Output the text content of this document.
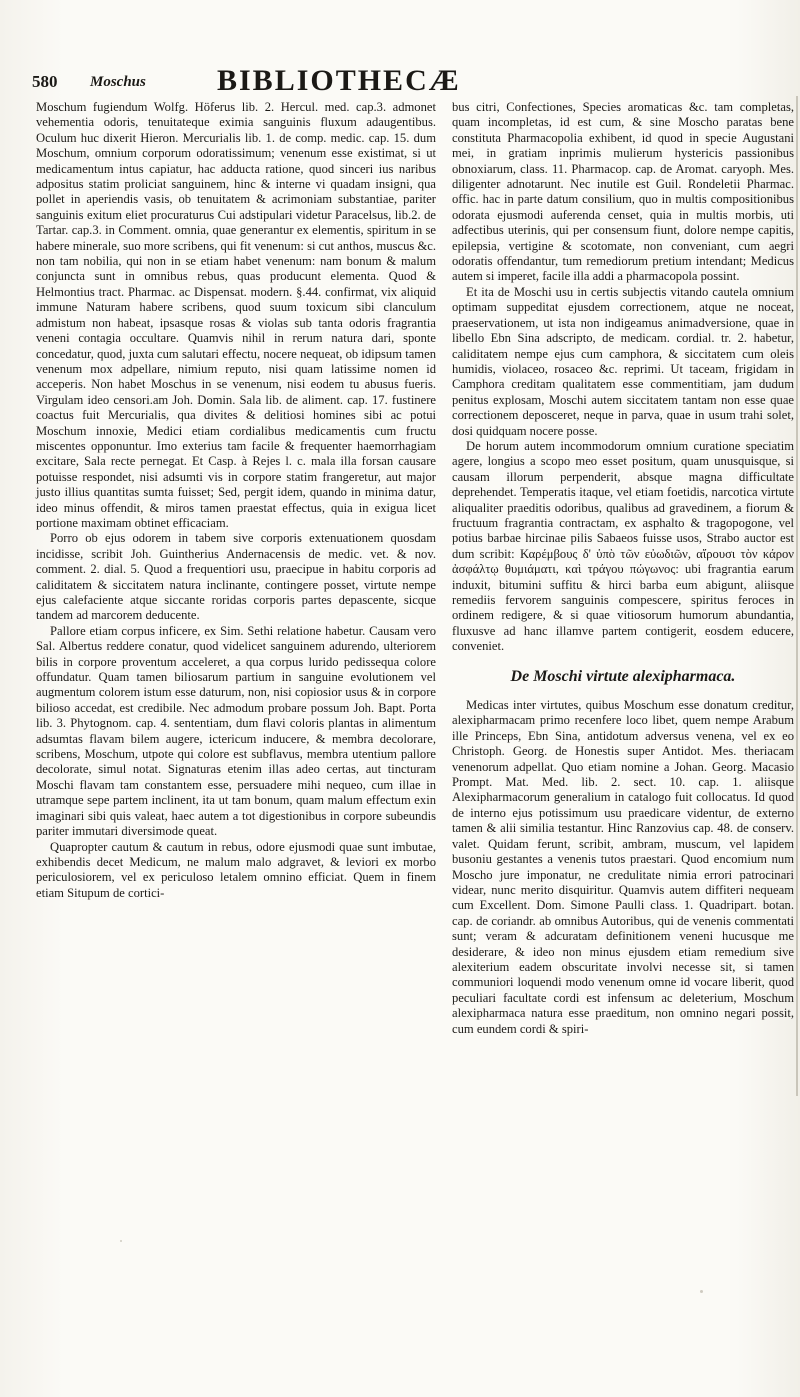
580 Moschus BIBLIOTHECÆ

Moschum fugiendum Wolfg. Höferus lib. 2. Hercul. med. cap.3. admonet vehementia odoris, tenuitateque eximia sanguinis fluxum adaugentibus. Oculum huc dixerit Hieron. Mercurialis lib. 1. de comp. medic. cap. 15. dum Moschum, omnium corporum odoratissimum; venenum esse existimat, si ut medicamentum intus capiatur, hac adducta ratione, quod sinceri ius naribus adpositus statim proliciat sanguinem, hinc & interne vi quadam insigni, qua pollet in aperiendis vasis, ob tenuitatem & acrimoniam substantiae, pariter sanguinis exitum eliet procuraturus Cui adstipulari videtur Paracelsus, lib.2. de Tartar. cap.3. in Comment. omnia, quae generantur ex elementis, spiritum in se habere minerale, suo more scribens, qui fit venenum: si cut anthos, muscus &c. non tam nobilia, qui non in se etiam habet venenum: nam bonum & malum conjuncta sunt in omnibus rebus, quas producunt elementa. Quod & Helmontius tract. Pharmac. ac Dispensat. modern. §.44. confirmat, vix aliquid immune Naturam habere scribens, quod suum toxicum sibi clanculum admistum non habeat, ipsasque rosas & violas sub tanta odoris fragrantia veneni contagia occultare. Quamvis nihil in rerum natura dari, sponte concedatur, quod, juxta cum salutari effectu, nocere nequeat, ob idipsum tamen venenum mox adpellare, nimium reputo, nisi quam latissime nomen id acceperis. Non habet Moschus in se venenum, nisi eodem tu abusus fueris. Virgulam ideo censori.am Joh. Domin. Sala lib. de aliment. cap. 17. fustinere coactus fuit Mercurialis, qua divites & delitiosi homines sibi ac potui Moschum innoxie, Medici etiam cordialibus medicamentis cum fructu miscentes opponuntur. Imo exterius tam facile & frequenter haemorrhagiam excitare, Sala recte pernegat. Et Casp. à Rejes l. c. mala illa forsan causare potuisse respondet, nisi adsumti vis in corpore statim frangeretur, aut major justo illius quantitas sumta fuisset; Sed, pergit idem, quando in minima datur, ideo minus offendit, & miros tamen praestat effectus, quia in exigua licet portione maximam obtinet efficaciam.

Porro ob ejus odorem in tabem sive corporis extenuationem quosdam incidisse, scribit Joh. Guintherius Andernacensis de medic. vet. & nov. comment. 2. dial. 5. Quod a frequentiori usu, praecipue in habitu corporis ad caliditatem & siccitatem natura inclinante, contingere posset, virtute nempe ejus calefaciente atque siccante roridas corporis partes depascente, sicque tandem ad marcorem deducente.

Pallore etiam corpus inficere, ex Sim. Sethi relatione habetur. Causam vero Sal. Albertus reddere conatur, quod videlicet sanguinem adurendo, ulteriorem bilis in corpore proventum acceleret, a qua corpus lurido pedissequa colore offundatur. Quam tamen biliosarum partium in sanguine evolutionem vel augmentum colorem istum esse daturum, non, nisi copiosior usus & in corpore bilioso accedat, est credibile. Nec admodum probare possum Joh. Bapt. Porta lib. 3. Phytognom. cap. 4. sententiam, dum flavi coloris plantas in alimentum adsumtas flavam bilem augere, ictericum inducere, & membra decolorare, scribens, Moschum, utpote qui colore est subflavus, membra utentium pallore decolorate, simul notat. Signaturas etenim illas adeo certas, aut tincturam Moschi flavam tam constantem esse, persuadere mihi nequeo, cum illae in utramque sepe partem inclinent, ita ut tam bonum, quam malum effectum exin imaginari sibi quis valeat, haec autem a tot digestionibus in corpore subeundis pariter immutari diversimode queat.

Quapropter cautum & cautum in rebus, odore ejusmodi quae sunt imbutae, exhibendis decet Medicum, ne malum malo adgravet, & leviori ex morbo periculosiorem, vel ex periculoso letalem omnino efficiat. Quem in finem etiam Situpum de cortici-

bus citri, Confectiones, Species aromaticas &c. tam completas, quam incompletas, id est cum, & sine Moscho paratas bene constituta Pharmacopolia exhibent, id quod in specie Augustani mei, in gratiam inprimis mulierum hystericis passionibus obnoxiarum, class. 11. Pharmacop. cap. de Aromat. caryoph. Mes. diligenter adnotarunt. Nec inutile est Guil. Rondeletii Pharmac. offic. hac in parte datum consilium, quo in multis compositionibus odorata ejusmodi auferenda censet, quia in multis morbis, uti adfectibus uterinis, qui per consensum fiunt, dolore nempe capitis, epilepsia, vertigine & scotomate, non conveniant, cum aegri odoratis offendantur, tum remediorum pretium intendant; Medicus autem si imperet, facile illa addi a pharmacopola possint.

Et ita de Moschi usu in certis subjectis vitando cautela omnium optimam suppeditat ejusdem correctionem, atque ne noceat, praeservationem, ut ista non indigeamus animadversione, quae in libello Ebn Sina adscripto, de medicam. cordial. tr. 2. habetur, caliditatem nempe ejus cum camphora, & siccitatem cum oleis humidis, violaceo, rosaceo &c. reprimi. Ut taceam, frigidam in Camphora creditam qualitatem esse commentitiam, jam dudum penitus explosam, Moschi autem siccitatem tantam non esse quae correctionem deposceret, neque in parva, quae in usum trahi solet, dosi quidquam nocere posse.

De horum autem incommodorum omnium curatione speciatim agere, longius a scopo meo esset positum, quam unusquisque, si causam illorum perpenderit, absque magna difficultate deprehendet. Temperatis itaque, vel etiam foetidis, narcotica virtute aliqualiter praeditis odoribus, qualibus ad gravedinem, a fiorum & fructuum fragrantia contractam, ex asphalto & tragopogone, vel potius barbae hircinae pilis Sabaeos fuisse usos, Strabo auctor est dum scribit: Καρέμβους δ' ὑπὸ τῶν εὐωδιῶν, αἴρουσι τὸν κάρον ἀσφάλτῳ θυμιάματι, καὶ τράγου πώγωνος: ubi fragrantia earum induxit, bitumini suffitu & hirci barba eum abigunt, aliisque remediis fervorem sanguinis compescere, spiritus feroces in ordinem redigere, & si quae vitiosorum humorum abundantia, fluxusve ad hanc illamve partem contigerit, eosdem educere, conveniet.

De Moschi virtute alexipharmaca.

Medicas inter virtutes, quibus Moschum esse donatum creditur, alexipharmacam primo recenfere loco libet, quem nempe Arabum ille Princeps, Ebn Sina, antidotum adversus venena, vel ex eo Christoph. Georg. de Honestis super Antidot. Mes. theriacam venenorum adpellat. Quo etiam nomine a Johan. Georg. Macasio Prompt. Mat. Med. lib. 2. sect. 10. cap. 1. aliisque Alexipharmacorum generalium in catalogo fuit collocatus. Id quod de interno ejus potissimum usu praedicare videntur, de externo tamen & alii similia testantur. Hinc Ranzovius cap. 48. de conserv. valet. Quidam ferunt, scribit, ambram, muscum, vel lapidem busoniu gestantes a venenis tutos praestari. Quod encomium num Moscho jure imponatur, ne credulitate nimia errori patrocinari videar, nunc merito disquiritur. Quamvis autem diffiteri nequeam cum Excellent. Dom. Simone Paulli class. 1. Quadripart. botan. cap. de coriandr. ab omnibus Autoribus, qui de venenis commentati sunt; veram & adcuratam definitionem veneni hucusque me desiderare, & ideo non minus ejusdem etiam remedium sive alexiterium eadem obscuritate involvi necesse sit, si tamen communiori loquendi modo venenum omne id vocare liberit, quod peculiari facultate cordi est infensum ac deleterium, Moschum alexipharmaca natura esse praeditum, non omnino negari possit, cum eundem cordi & spiri-
